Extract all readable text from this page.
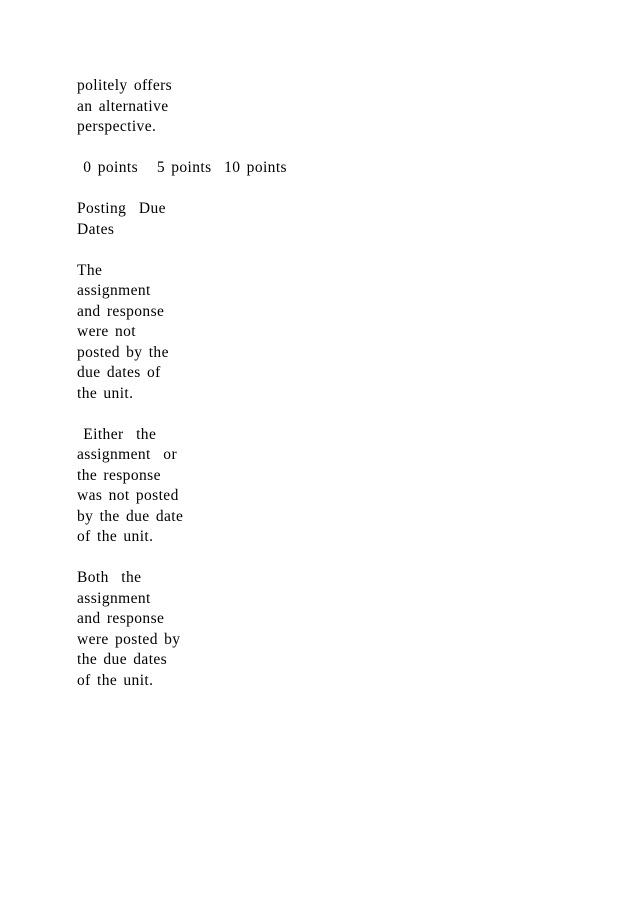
politely offers
an alternative
perspective.
0 points   5 points  10 points
Posting  Due
Dates
The
assignment
and response
were not
posted by the
due dates of
the unit.
Either  the
assignment  or
the response
was not posted
by the due date
of the unit.
Both  the
assignment
and response
were posted by
the due dates
of the unit.
